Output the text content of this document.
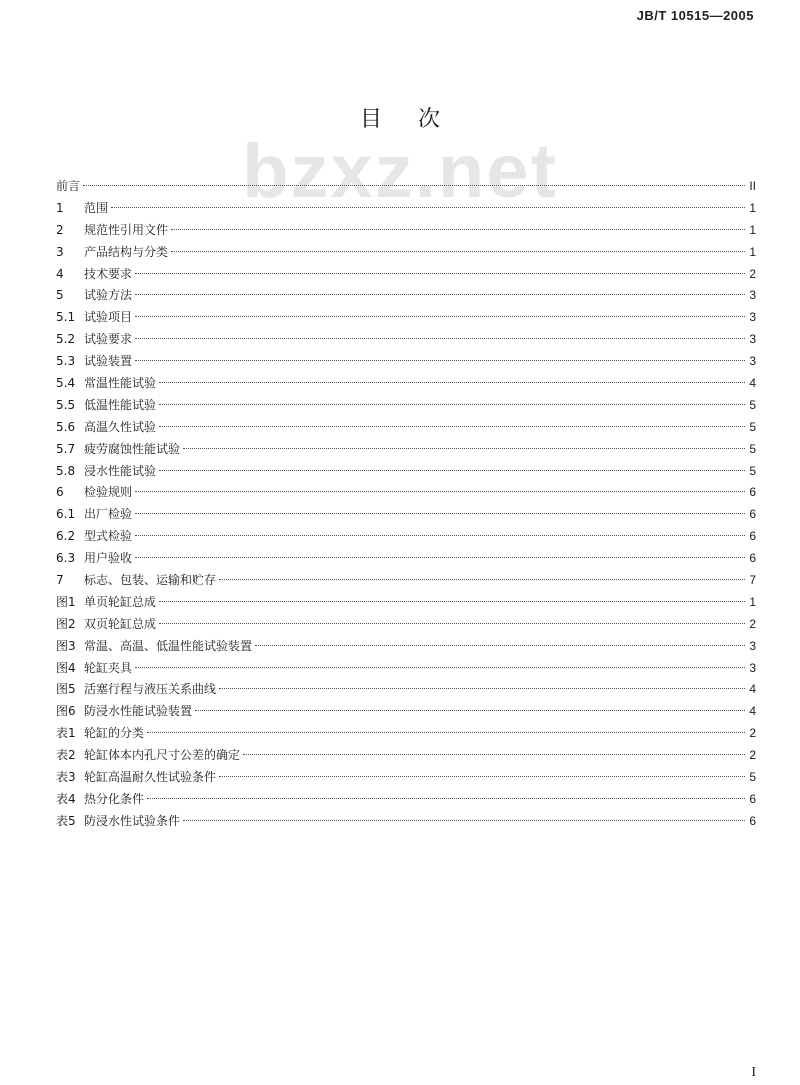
JB/T 10515—2005
bzxz.net
目次
前言	II
1	范围	1
2	规范性引用文件	1
3	产品结构与分类	1
4	技术要求	2
5	试验方法	3
5.1 试验项目	3
5.2 试验要求	3
5.3 试验装置	3
5.4 常温性能试验	4
5.5 低温性能试验	5
5.6 高温久性试验	5
5.7 疲劳腐蚀性能试验	5
5.8 浸水性能试验	5
6	检验规则	6
6.1 出厂检验	6
6.2 型式检验	6
6.3 用户验收	6
7	标志、包装、运输和贮存	7
图1 单页轮缸总成	1
图2 双页轮缸总成	2
图3 常温、高温、低温性能试验装置	3
图4 轮缸夹具	3
图5 活塞行程与液压关系曲线	4
图6 防浸水性能试验装置	4
表1 轮缸的分类	2
表2 轮缸体本内孔尺寸公差的确定	2
表3 轮缸高温耐久性试验条件	5
表4 热分化条件	6
表5 防浸水性试验条件	6
I
